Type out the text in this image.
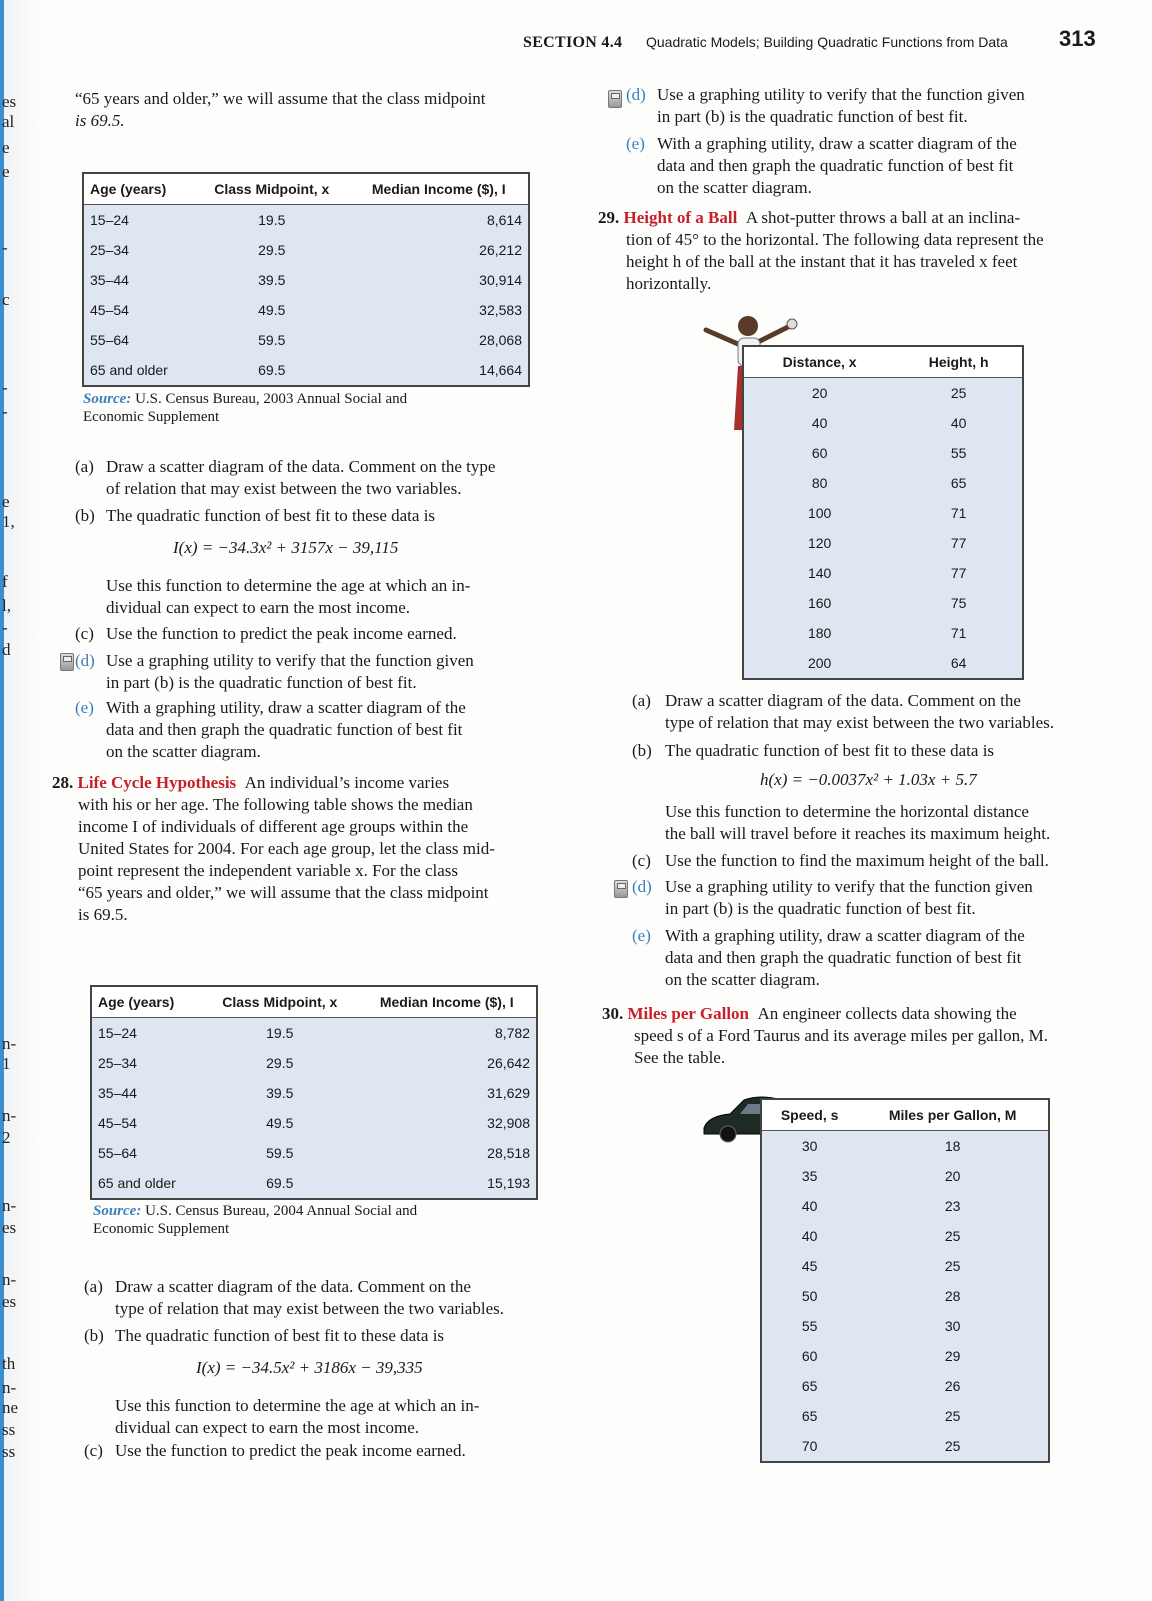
es
al
e
e
-
c
-
-
e
1,
f
l,
-
d
n-
1
n-
2
n-
es
n-
es
th
n-
ne
ss
ss
SECTION 4.4 Quadratic Models; Building Quadratic Functions from Data 313
“65 years and older,” we will assume that the class midpoint
is 69.5.
Age (years)	Class Midpoint, x	Median Income ($), I
15–24	19.5	8,614
25–34	29.5	26,212
35–44	39.5	30,914
45–54	49.5	32,583
55–64	59.5	28,068
65 and older	69.5	14,664
Source: U.S. Census Bureau, 2003 Annual Social and
Economic Supplement
(a) Draw a scatter diagram of the data. Comment on the type
of relation that may exist between the two variables.
(b) The quadratic function of best fit to these data is
I(x) = −34.3x² + 3157x − 39,115
Use this function to determine the age at which an in-
dividual can expect to earn the most income.
(c) Use the function to predict the peak income earned.
(d) Use a graphing utility to verify that the function given
in part (b) is the quadratic function of best fit.
(e) With a graphing utility, draw a scatter diagram of the
data and then graph the quadratic function of best fit
on the scatter diagram.
28. Life Cycle Hypothesis An individual’s income varies
with his or her age. The following table shows the median
income I of individuals of different age groups within the
United States for 2004. For each age group, let the class mid-
point represent the independent variable x. For the class
“65 years and older,” we will assume that the class midpoint
is 69.5.
Age (years)	Class Midpoint, x	Median Income ($), I
15–24	19.5	8,782
25–34	29.5	26,642
35–44	39.5	31,629
45–54	49.5	32,908
55–64	59.5	28,518
65 and older	69.5	15,193
Source: U.S. Census Bureau, 2004 Annual Social and
Economic Supplement
(a) Draw a scatter diagram of the data. Comment on the
type of relation that may exist between the two variables.
(b) The quadratic function of best fit to these data is
I(x) = −34.5x² + 3186x − 39,335
Use this function to determine the age at which an in-
dividual can expect to earn the most income.
(c) Use the function to predict the peak income earned.
(d) Use a graphing utility to verify that the function given
in part (b) is the quadratic function of best fit.
(e) With a graphing utility, draw a scatter diagram of the
data and then graph the quadratic function of best fit
on the scatter diagram.
29. Height of a Ball A shot-putter throws a ball at an inclina-
tion of 45° to the horizontal. The following data represent the
height h of the ball at the instant that it has traveled x feet
horizontally.
Distance, x	Height, h
20	25
40	40
60	55
80	65
100	71
120	77
140	77
160	75
180	71
200	64
(a) Draw a scatter diagram of the data. Comment on the
type of relation that may exist between the two variables.
(b) The quadratic function of best fit to these data is
h(x) = −0.0037x² + 1.03x + 5.7
Use this function to determine the horizontal distance
the ball will travel before it reaches its maximum height.
(c) Use the function to find the maximum height of the ball.
(d) Use a graphing utility to verify that the function given
in part (b) is the quadratic function of best fit.
(e) With a graphing utility, draw a scatter diagram of the
data and then graph the quadratic function of best fit
on the scatter diagram.
30. Miles per Gallon An engineer collects data showing the
speed s of a Ford Taurus and its average miles per gallon, M.
See the table.
Speed, s	Miles per Gallon, M
30	18
35	20
40	23
40	25
45	25
50	28
55	30
60	29
65	26
65	25
70	25
